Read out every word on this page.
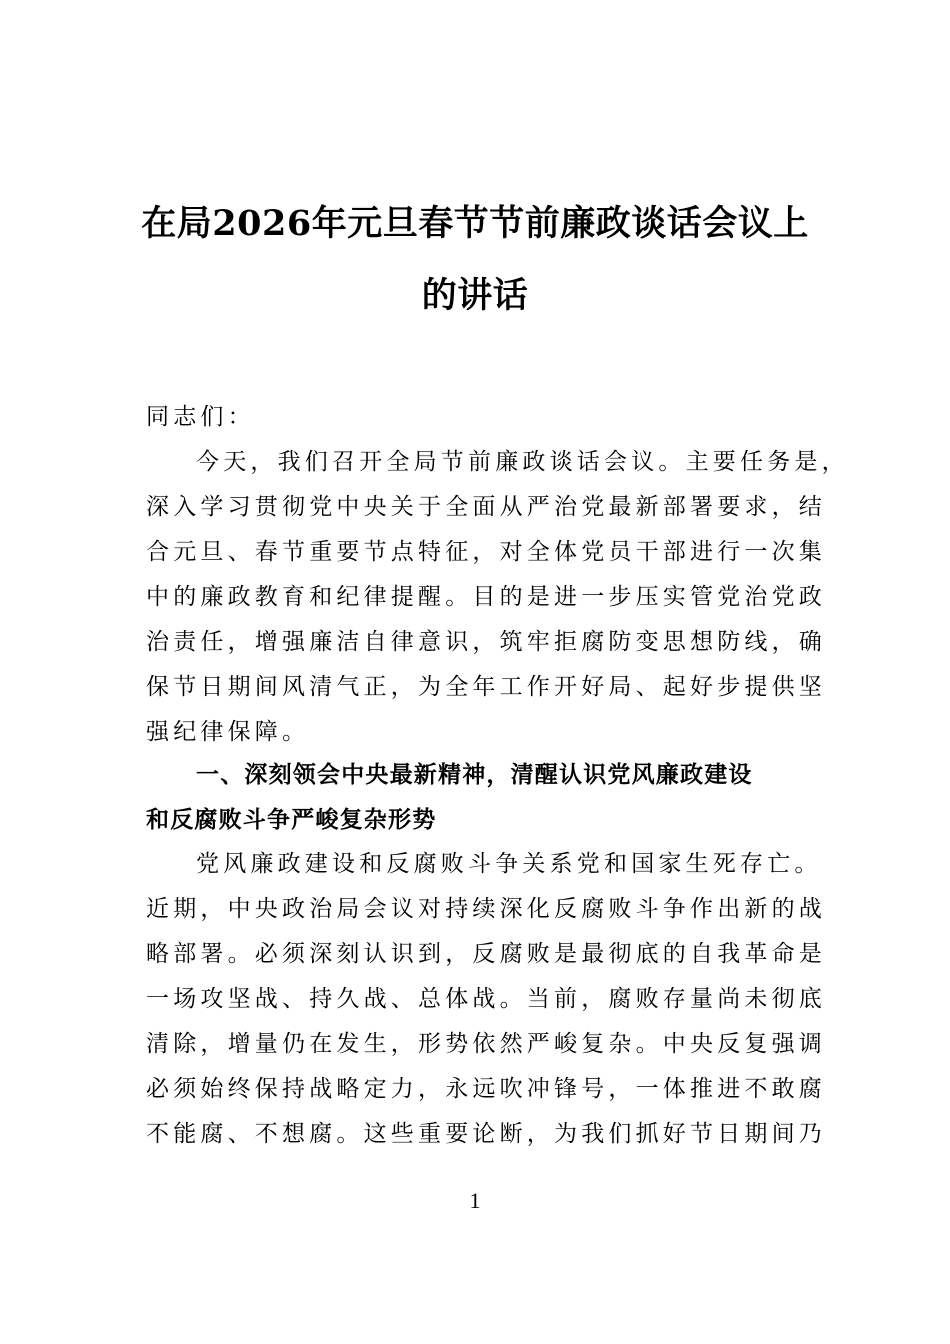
在局2026年元旦春节节前廉政谈话会议上
的讲话
同志们：
今天，我们召开全局节前廉政谈话会议。主要任务是，
深入学习贯彻党中央关于全面从严治党最新部署要求，结
合元旦、春节重要节点特征，对全体党员干部进行一次集
中的廉政教育和纪律提醒。目的是进一步压实管党治党政
治责任，增强廉洁自律意识，筑牢拒腐防变思想防线，确
保节日期间风清气正，为全年工作开好局、起好步提供坚
强纪律保障。
一、深刻领会中央最新精神，清醒认识党风廉政建设
和反腐败斗争严峻复杂形势
党风廉政建设和反腐败斗争关系党和国家生死存亡。
近期，中央政治局会议对持续深化反腐败斗争作出新的战
略部署。必须深刻认识到，反腐败是最彻底的自我革命是
一场攻坚战、持久战、总体战。当前，腐败存量尚未彻底
清除，增量仍在发生，形势依然严峻复杂。中央反复强调
必须始终保持战略定力，永远吹冲锋号，一体推进不敢腐
不能腐、不想腐。这些重要论断，为我们抓好节日期间乃
1
